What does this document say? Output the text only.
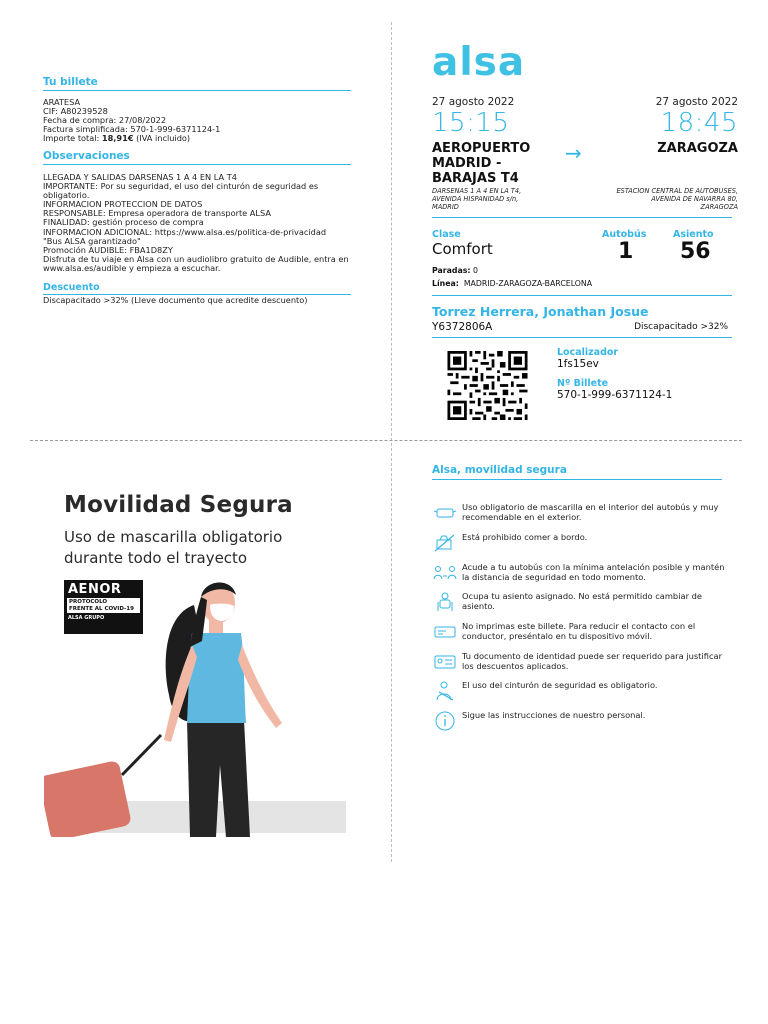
Tu billete
ARATESA
CIF: A80239528
Fecha de compra: 27/08/2022
Factura simplificada: 570-1-999-6371124-1
Importe total: 18,91€ (IVA incluido)
Observaciones
LLEGADA Y SALIDAS DARSENAS 1 A 4 EN LA T4
IMPORTANTE: Por su seguridad, el uso del cinturón de seguridad es
obligatorio.
INFORMACION PROTECCION DE DATOS
RESPONSABLE: Empresa operadora de transporte ALSA
FINALIDAD: gestión proceso de compra
INFORMACION ADICIONAL: https://www.alsa.es/politica-de-privacidad
"Bus ALSA garantizado"
Promoción AUDIBLE: FBA1D8ZY
Disfruta de tu viaje en Alsa con un audiolibro gratuito de Audible, entra en
www.alsa.es/audible y empieza a escuchar.
Descuento
Discapacitado >32% (Lleve documento que acredite descuento)
alsa
27 agosto 2022	27 agosto 2022
15:15	18:45
AEROPUERTO
MADRID -
BARAJAS T4
→	ZARAGOZA
DARSENAS 1 A 4 EN LA T4,
AVENIDA HISPANIDAD s/n,
MADRID
ESTACION CENTRAL DE AUTOBUSES,
AVENIDA DE NAVARRA 80,
ZARAGOZA
Clase
Comfort
Autobús
1
Asiento
56
Paradas: 0
Línea: MADRID-ZARAGOZA-BARCELONA
Torrez Herrera, Jonathan Josue
Y6372806A	Discapacitado >32%
Localizador
1fs15ev
Nº Billete
570-1-999-6371124-1
Movilidad Segura
Uso de mascarilla obligatorio
durante todo el trayecto
AENOR
PROTOCOLO
FRENTE AL COVID-19
ALSA GRUPO
Alsa, movilidad segura
Uso obligatorio de mascarilla en el interior del autobús y muy
recomendable en el exterior.
Está prohibido comer a bordo.
Acude a tu autobús con la mínima antelación posible y mantén
la distancia de seguridad en todo momento.
Ocupa tu asiento asignado. No está permitido cambiar de
asiento.
No imprimas este billete. Para reducir el contacto con el
conductor, preséntalo en tu dispositivo móvil.
Tu documento de identidad puede ser requerido para justificar
los descuentos aplicados.
El uso del cinturón de seguridad es obligatorio.
Sigue las instrucciones de nuestro personal.
